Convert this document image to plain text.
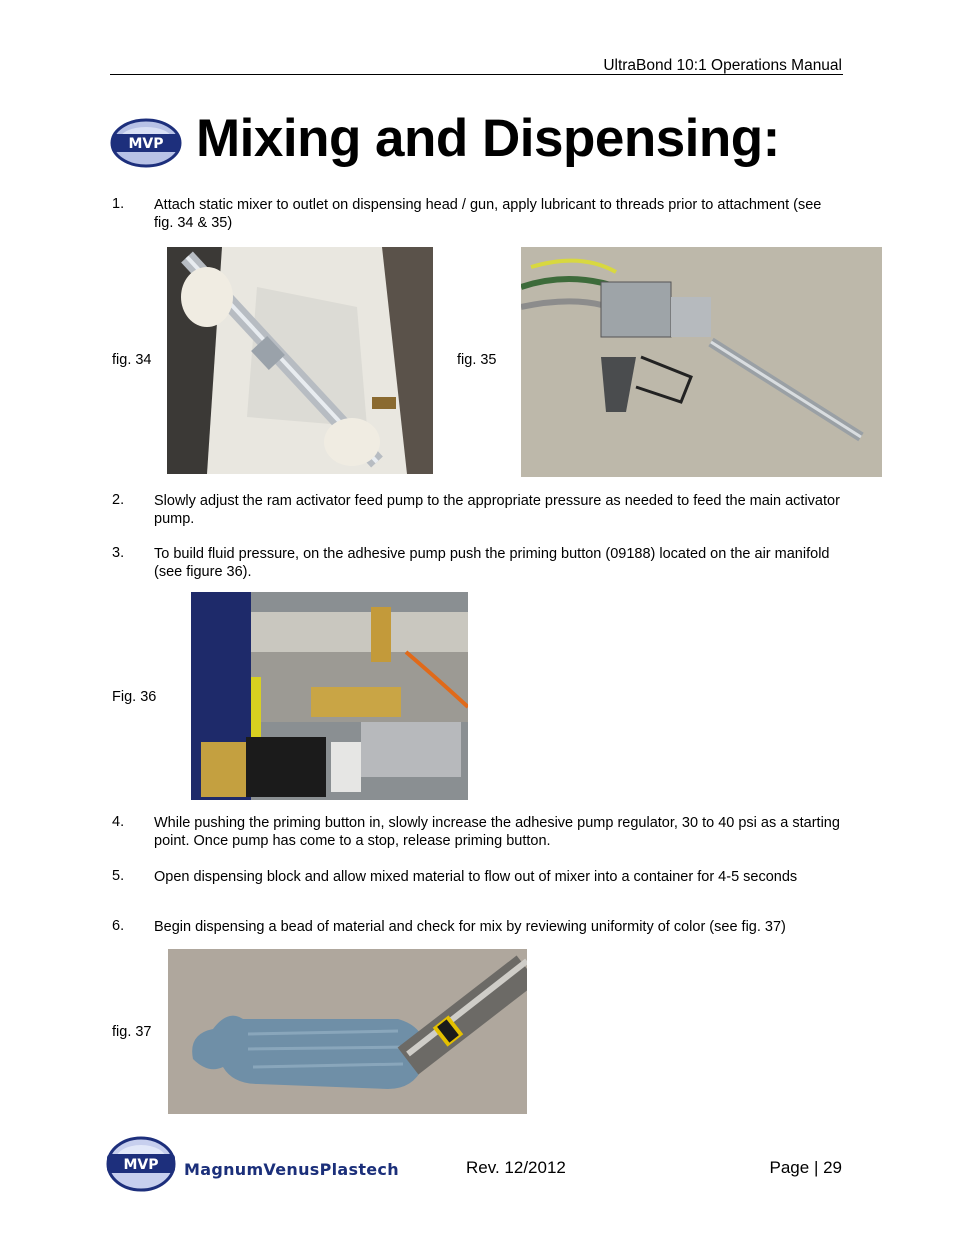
UltraBond 10:1 Operations Manual
MVP Mixing and Dispensing:
1. Attach static mixer to outlet on dispensing head / gun, apply lubricant to threads prior to attachment (see fig. 34 & 35)
fig. 34	fig. 35
2. Slowly adjust the ram activator feed pump to the appropriate pressure as needed to feed the main activator pump.
3. To build fluid pressure, on the adhesive pump push the priming button (09188) located on the air manifold (see figure 36).
Fig. 36
4. While pushing the priming button in, slowly increase the adhesive pump regulator, 30 to 40 psi as a starting point. Once pump has come to a stop, release priming button.
5. Open dispensing block and allow mixed material to flow out of mixer into a container for 4-5 seconds
6. Begin dispensing a bead of material and check for mix by reviewing uniformity of color (see fig. 37)
fig. 37
MVP MagnumVenusPlastech	Rev. 12/2012	Page | 29
